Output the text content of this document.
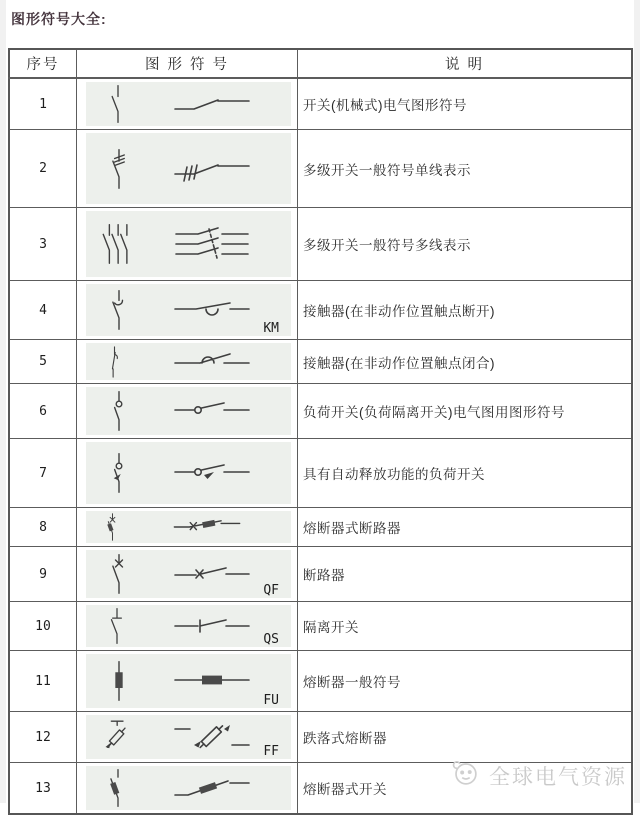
图形符号大全:
序号	图 形 符 号	说 明
1		开关(机械式)电气图形符号
2		多级开关一般符号单线表示
3		多级开关一般符号多线表示
4	KM	接触器(在非动作位置触点断开)
5		接触器(在非动作位置触点闭合)
6		负荷开关(负荷隔离开关)电气图用图形符号
7		具有自动释放功能的负荷开关
8		熔断器式断路器
9	QF	断路器
10	QS	隔离开关
11	FU	熔断器一般符号
12	FF	跌落式熔断器
13		熔断器式开关
全球电气资源
